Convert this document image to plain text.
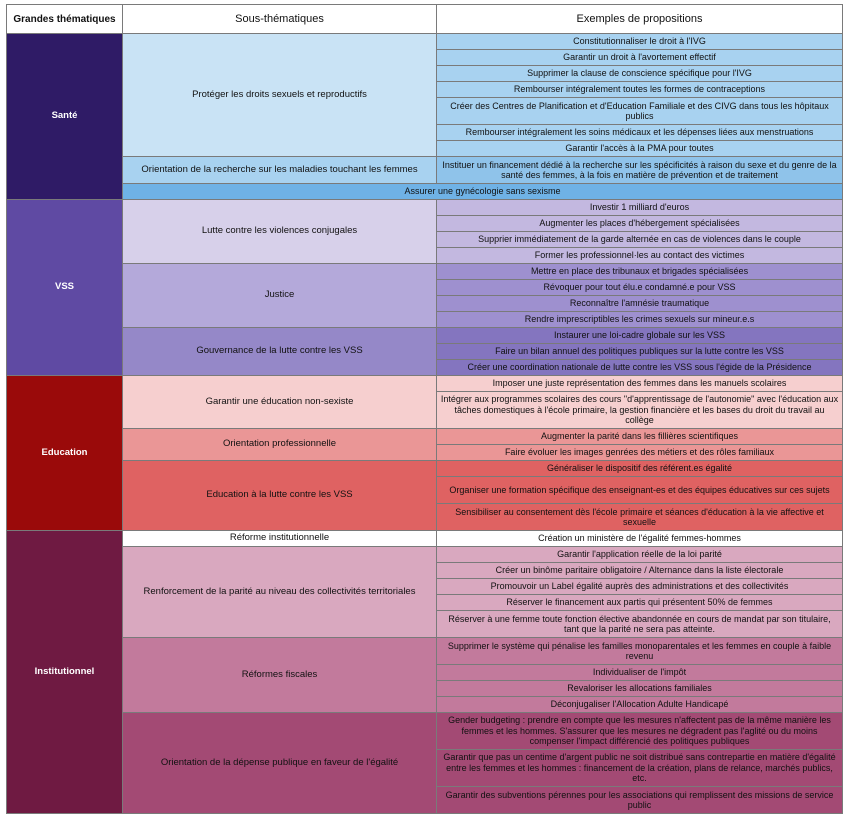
Grandes thématiques	Sous-thématiques	Exemples de propositions
Santé	Protéger les droits sexuels et reproductifs	Constitutionnaliser le droit à l'IVG
		Garantir un droit à l'avortement effectif
		Supprimer la clause de conscience spécifique pour l'IVG
		Rembourser intégralement toutes les formes de contraceptions
		Créer des Centres de Planification et d'Education Familiale et des CIVG dans tous les hôpitaux publics
		Rembourser intégralement les soins médicaux et les dépenses liées aux menstruations
		Garantir l'accès à la PMA pour toutes
	Orientation de la recherche sur les maladies touchant les femmes	Instituer un financement dédié à la recherche sur les spécificités à raison du sexe et du genre de la santé des femmes, à la fois en matière de prévention et de traitement
	Assurer une gynécologie sans sexisme	
VSS	Lutte contre les violences conjugales	Investir 1 milliard d'euros
		Augmenter les places d'hébergement spécialisées
		Supprier immédiatement de la garde alternée en cas de violences dans le couple
		Former les professionnel·les au contact des victimes
	Justice	Mettre en place des tribunaux et brigades spécialisées
		Révoquer pour tout élu.e condamné.e pour VSS
		Reconnaître l'amnésie traumatique
		Rendre imprescriptibles les crimes sexuels sur mineur.e.s
	Gouvernance de la lutte contre les VSS	Instaurer une loi-cadre globale sur les VSS
		Faire un bilan annuel des politiques publiques sur la lutte contre les VSS
		Créer une coordination nationale de lutte contre les VSS sous l'égide de la Présidence
Education	Garantir une éducation non-sexiste	Imposer une juste représentation des femmes dans les manuels scolaires
		Intégrer aux programmes scolaires des cours "d'apprentissage de l'autonomie" avec l'éducation aux tâches domestiques à l'école primaire, la gestion financière et les bases du droit du travail au collège
	Orientation professionnelle	Augmenter la parité dans les fillières scientifiques
		Faire évoluer les images genrées des métiers et des rôles familiaux
	Education à la lutte contre les VSS	Généraliser le dispositif des référent.es égalité
		Organiser une formation spécifique des enseignant-es et des équipes éducatives sur ces sujets
		Sensibiliser au consentement dès l'école primaire et séances d'éducation à la vie affective et sexuelle
Institutionnel	Réforme institutionnelle	Création un ministère de l'égalité femmes-hommes
	Renforcement de la parité au niveau des collectivités territoriales	Garantir l'application réelle de la loi parité
		Créer un binôme paritaire obligatoire / Alternance dans la liste électorale
		Promouvoir un Label égalité auprès des administrations et des collectivités
		Réserver le financement aux partis qui présentent 50% de femmes
		Réserver à une femme toute fonction élective abandonnée en cours de mandat par son titulaire, tant que la parité ne sera pas atteinte.
	Réformes fiscales	Supprimer le système qui pénalise les familles monoparentales et les femmes en couple à faible revenu
		Individualiser de l'impôt
		Revaloriser les allocations familiales
		Déconjugaliser l'Allocation Adulte Handicapé
	Orientation de la dépense publique en faveur de l'égalité	Gender budgeting : prendre en compte que les mesures n'affectent pas de la même manière les femmes et les hommes. S'assurer que les mesures ne dégradent pas l'aglité ou du moins compenser l'impact différencié des politiques publiques
		Garantir que pas un centime d'argent public ne soit distribué sans contrepartie en matière d'égalité entre les femmes et les hommes : financement de la création, plans de relance, marchés publics, etc.
		Garantir des subventions pérennes pour les associations qui remplissent des missions de service public
